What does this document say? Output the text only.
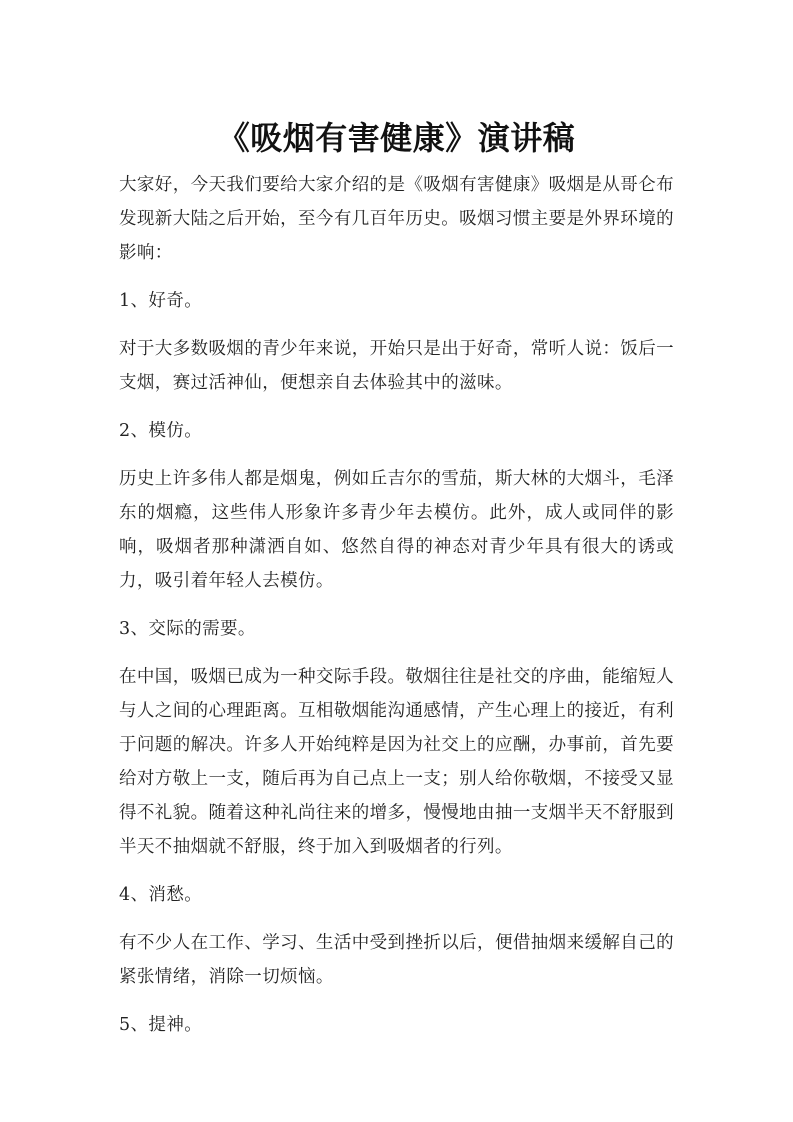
《吸烟有害健康》演讲稿

大家好，今天我们要给大家介绍的是《吸烟有害健康》吸烟是从哥仑布发现新大陆之后开始，至今有几百年历史。吸烟习惯主要是外界环境的影响：

1、好奇。

对于大多数吸烟的青少年来说，开始只是出于好奇，常听人说：饭后一支烟，赛过活神仙，便想亲自去体验其中的滋味。

2、模仿。

历史上许多伟人都是烟鬼，例如丘吉尔的雪茄，斯大林的大烟斗，毛泽东的烟瘾，这些伟人形象许多青少年去模仿。此外，成人或同伴的影响，吸烟者那种潇洒自如、悠然自得的神态对青少年具有很大的诱或力，吸引着年轻人去模仿。

3、交际的需要。

在中国，吸烟已成为一种交际手段。敬烟往往是社交的序曲，能缩短人与人之间的心理距离。互相敬烟能沟通感情，产生心理上的接近，有利于问题的解决。许多人开始纯粹是因为社交上的应酬，办事前，首先要给对方敬上一支，随后再为自己点上一支；别人给你敬烟，不接受又显得不礼貌。随着这种礼尚往来的增多，慢慢地由抽一支烟半天不舒服到半天不抽烟就不舒服，终于加入到吸烟者的行列。

4、消愁。

有不少人在工作、学习、生活中受到挫折以后，便借抽烟来缓解自己的紧张情绪，消除一切烦恼。

5、提神。
